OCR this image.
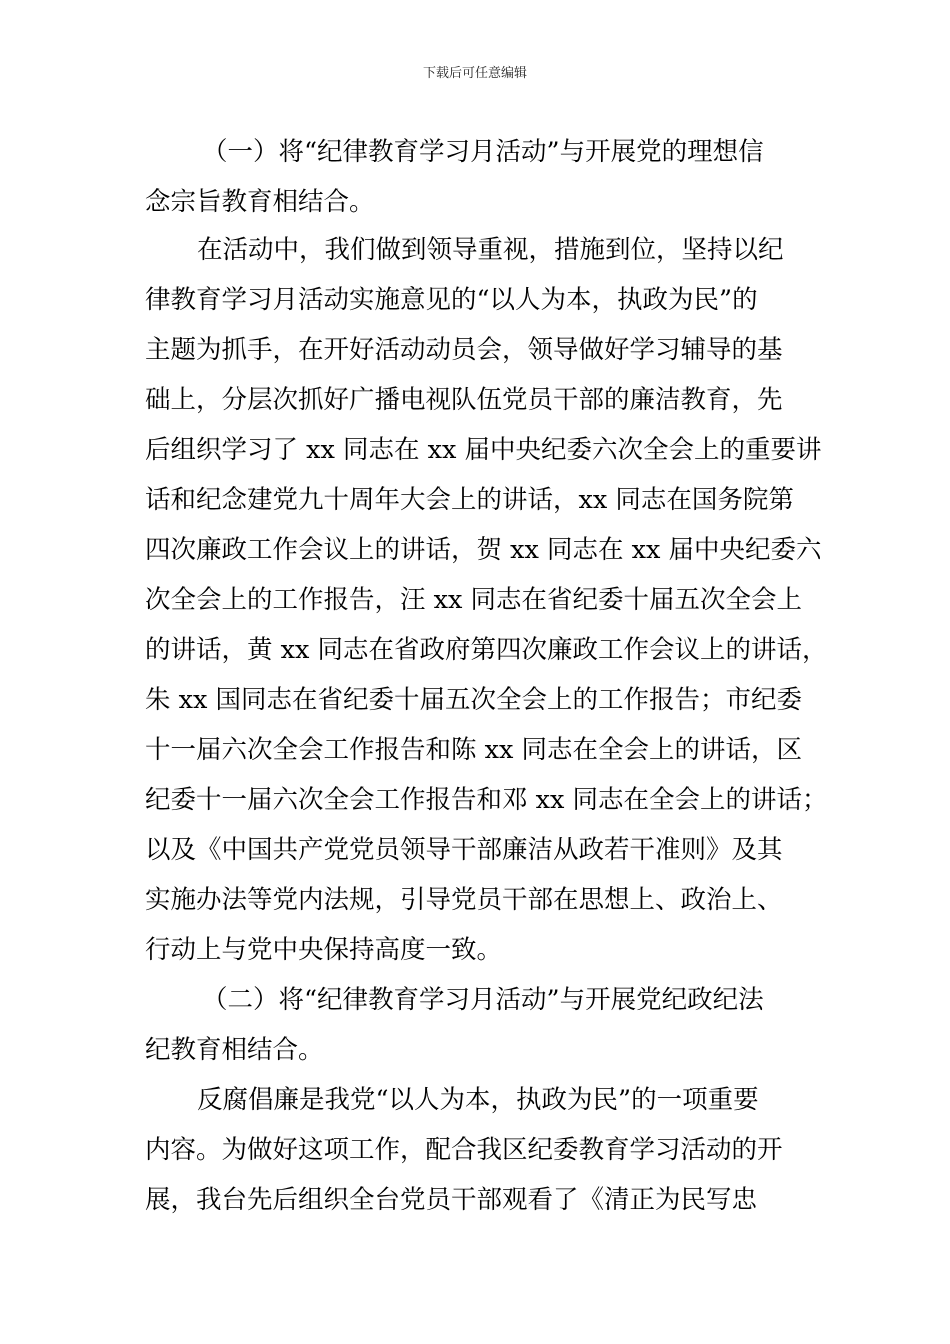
下载后可任意编辑
（一）将“纪律教育学习月活动”与开展党的理想信
念宗旨教育相结合。
在活动中，我们做到领导重视，措施到位，坚持以纪
律教育学习月活动实施意见的“以人为本，执政为民”的
主题为抓手，在开好活动动员会，领导做好学习辅导的基
础上，分层次抓好广播电视队伍党员干部的廉洁教育，先
后组织学习了 xx 同志在 xx 届中央纪委六次全会上的重要讲
话和纪念建党九十周年大会上的讲话，xx 同志在国务院第
四次廉政工作会议上的讲话，贺 xx 同志在 xx 届中央纪委六
次全会上的工作报告，汪 xx 同志在省纪委十届五次全会上
的讲话，黄 xx 同志在省政府第四次廉政工作会议上的讲话，
朱 xx 国同志在省纪委十届五次全会上的工作报告；市纪委
十一届六次全会工作报告和陈 xx 同志在全会上的讲话，区
纪委十一届六次全会工作报告和邓 xx 同志在全会上的讲话；
以及《中国共产党党员领导干部廉洁从政若干准则》及其
实施办法等党内法规，引导党员干部在思想上、政治上、
行动上与党中央保持高度一致。
（二）将“纪律教育学习月活动”与开展党纪政纪法
纪教育相结合。
反腐倡廉是我党“以人为本，执政为民”的一项重要
内容。为做好这项工作，配合我区纪委教育学习活动的开
展，我台先后组织全台党员干部观看了《清正为民写忠
